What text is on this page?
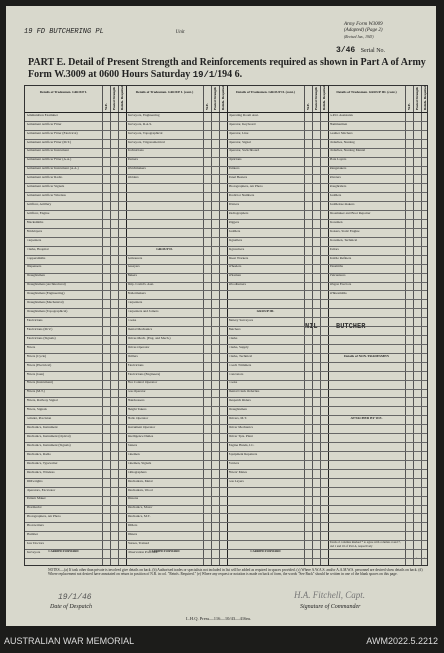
19 FD BUTCHERING PL	Unit
Army Form W3009
(Adapted) (Page 2)
(Revised Jan., 1943)
3/46 Serial No.
PART E. Detail of Present Strength and Reinforcements required as shown in Part A of Army Form W.3009 at 0600 Hours Saturday 19/1/194 6.
Details of Tradesmen. GROUP I.
W.E. Posted Strength Reinfs. Required	Details of Tradesmen. GROUP I. (cont.)
W.E. Posted Strength Reinfs. Required	Details of Tradesmen. GROUP II. (cont.)
W.E. Posted Strength Reinfs. Required	Details of Tradesmen. GROUP III. (cont.)
W.E. Posted Strength Reinfs. Required
Ammunition Examiner
Armament Artificer Fitter
Armament Artificer Fitter (Electrical)
Armament Artificer Fitter (M.T.)
Armament Artificer Instrument
Armament Artificer Fitter (A.A.)
Armament Artificer Instrument (A.A.)
Armament Artificer Radio
Armament Artificer Signals
Armament Artificer Wireless
Artificer, Artillery
Artificer, Engine
Blacksmiths
Bricklayers
Carpenters
Clerks, Hospital
Coppersmiths
Dispensers
Draughtsmen
Draughtsmen (Architectural)
Draughtsmen (Engineering)
Draughtsmen (Mechanical)
Draughtsmen (Topographical)
Electricians
Electricians (M.V.)
Electricians (Signals)
Fitters
Fitters (Cycle)
Fitters (Electrical)
Fitters (Gun)
Fitters (Instrument)
Fitters (M.T.)
Fitters, Railway Signal
Fitters, Signals
Grinder, Precision
Mechanics, Instrument
Mechanics, Instrument (Optical)
Mechanics, Instrument (Signals)
Mechanics, Radio
Mechanics, Typewriter
Mechanics, Wireless
Millwrights
Operators, Excavator
Pattern Maker
Pharmacist
Photographers, Air Photo
Photowriters
Plumber
Saw Doctors
Surveyors	CARRIED FORWARD
Surveyors, Engineering
Surveyors, R.A.S.
Surveyors, Topographical
Surveyors, Trigonometrical
Technicians
Turners
Watchmakers
Welders
GROUP II.
Armourers
Assayers
Bakers
Ship. Comd's. Asst.
Boilermakers
Carpenters
Carpenters and Joiners
Cooks
Dental Mechanics
Driver-Mech. (Eng. and Mech.)
Driver-Operator
Drillers
Electricians
Electricians (Engineers)
Fire Control Operator
Gas Operator
Hairdressers
Height Takers
Hollo Operator
Instrument Operator
Intelligence Duties
Joiners
Linemen
Linemen, Signals
Lithographers
Mechanists, Metal
Mechanists, Wood
Masons
Mechanics, Motor
Mechanics, M.T.
Millers
Miners
Nurses, Trained
Observation Post Asst.
CARRIED FORWARD
Operating Room Asst.
Operator, Keyboard
Operator, Line
Operator, Signal
Operator, Switchboard
Opticians
Painters
Panel Beaters
Photographers, Air Photo
Predictor Numbers
Printers
Radiographers
Riggers
Saddlers
Signallers
Signwriters
Sheet Workers
Wheelers
Wiremen
Woodturners
GROUP III.
Battery Surveyors
Butchers
Clerks
Clerks, Supply
Clerks, Technical
Coach Trimmers
Concretors
Cooks
Dental Clerk Orderlies
Despatch Riders
Draughtsmen
Drivers, M.T.
Driver Mechanics
Driver Tpts. Plant
Engine Hands, I.C.
Equipment Repairers
Farriers
Fitters' Mates
Gas Layers
CARRIED FORWARD
G.P.O. Assistants
Hammermen
Leather Stitchers
Orderlies, Nursing
Orderlies, Nursing Mental
Plate Layers
Rangetakers
Riveters
Roughriders
Saddlers
Saddletree makers
Shoemaker and Boot Repairer
Storemen
Stokers, Static Engine
Storemen, Technical
Tailors
Textile Refiners
Tinsmiths
Vulcanizers
Wagon Erectors
Whitesmiths
Details of NON-TRADESMEN
ATTACHED BY W.E.
Totals of columns marked * to agree with columns 4 and 7, and 1 and 16 of Part A, respectively
NIL	BUTCHER
* *
NOTES.—(a) If task other than private is involved give details on back. (b) Authorised trades or specialists not included in list will be added as required in spaces provided. (c) Where A.W.A.S. and/or A.A.M.W.S. personnel are desired show details on back. (d) Where replacement not desired have annotated on return in position of N.R. in col. "Reinfs. Required." (e) Where any request or notation is made on back of form, the words "See Back" should be written in one of the blank spaces on this page.
19/1/46
Date of Despatch
H.A. Fitchell, Capt.
Signature of Commander
L.H.Q. Press—116—10/43—416m.
AUSTRALIAN WAR MEMORIAL	AWM2022.5.2212
